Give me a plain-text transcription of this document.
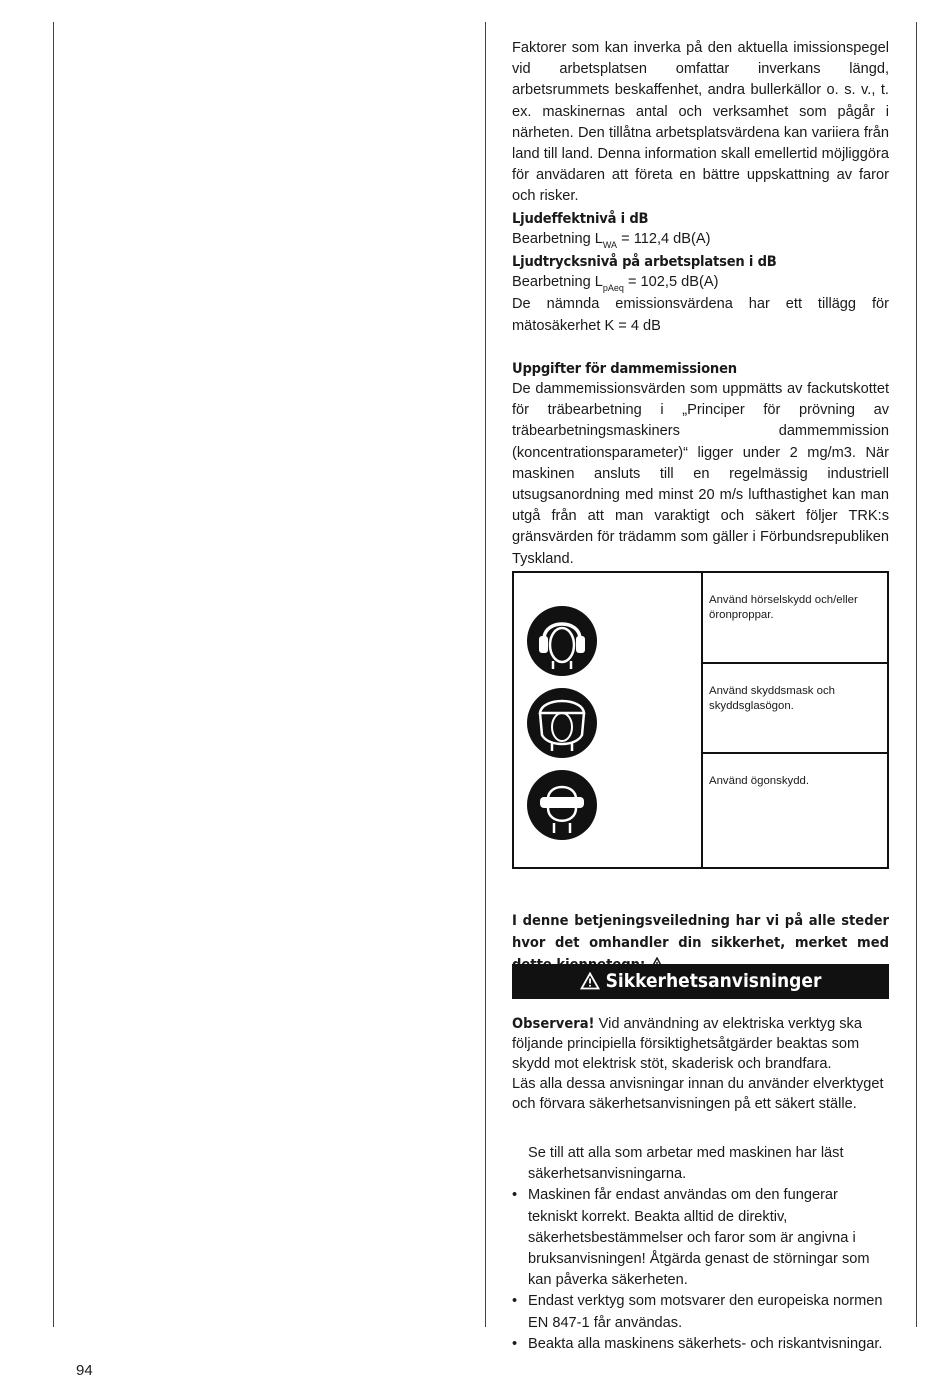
Faktorer som kan inverka på den aktuella imissionspegel vid arbetsplatsen omfattar inverkans längd, arbetsrummets beskaffenhet, andra bullerkällor o. s. v., t. ex. maskinernas antal och verksamhet som pågår i närheten. Den tillåtna arbetsplatsvärdena kan variiera från land till land. Denna information skall emellertid möjliggöra för anvädaren att företa en bättre uppskattning av faror och risker.

Ljudeffektnivå i dB

Bearbetning $L_{WA} = 112,4$ dB(A)

Ljudtrycksnivå på arbetsplatsen i dB

Bearbetning $L_{pAeq} = 102,5$ dB(A)

De nämnda emissionsvärdena har ett tillägg för mätosäkerhet K = 4 dB

Uppgifter för dammemissionen

De dammemissionsvärden som uppmätts av fackutskottet för träbearbetning i „Principer för prövning av träbearbetningsmaskiners dammemmission (koncentrationsparameter)“ ligger under 2 mg/m3. När maskinen ansluts till en regelmässig industriell utsugsanordning med minst 20 m/s lufthastighet kan man utgå från att man varaktigt och säkert följer TRK:s gränsvärden för trädamm som gäller i Förbundsrepubliken Tyskland.

Använd hörselskydd och/eller öronproppar.
Använd skyddsmask och skyddsglasögon.
Använd ögonskydd.

I denne betjeningsveiledning har vi på alle steder hvor det omhandler din sikkerhet, merket med

Sikkerhetsanvisninger

Observera! Vid användning av elektriska verktyg ska följande principiella försiktighetsåtgärder beaktas som skydd mot elektrisk stöt, skaderisk och brandfara.

Läs alla dessa anvisningar innan du använder elverktyget och förvara säkerhetsanvisningen på ett säkert ställe.

Se till att alla som arbetar med maskinen har läst säkerhetsanvisningarna.

• Maskinen får endast användas om den fungerar tekniskt korrekt. Beakta alltid de direktiv, säkerhetsbestämmelser och faror som är angivna i bruksanvisningen! Åtgärda genast de störningar som kan påverka säkerheten.

• Endast verktyg som motsvarer den europeiska normen EN 847-1 får användas.

• Beakta alla maskinens säkerhets- och riskantvisningar.

94
